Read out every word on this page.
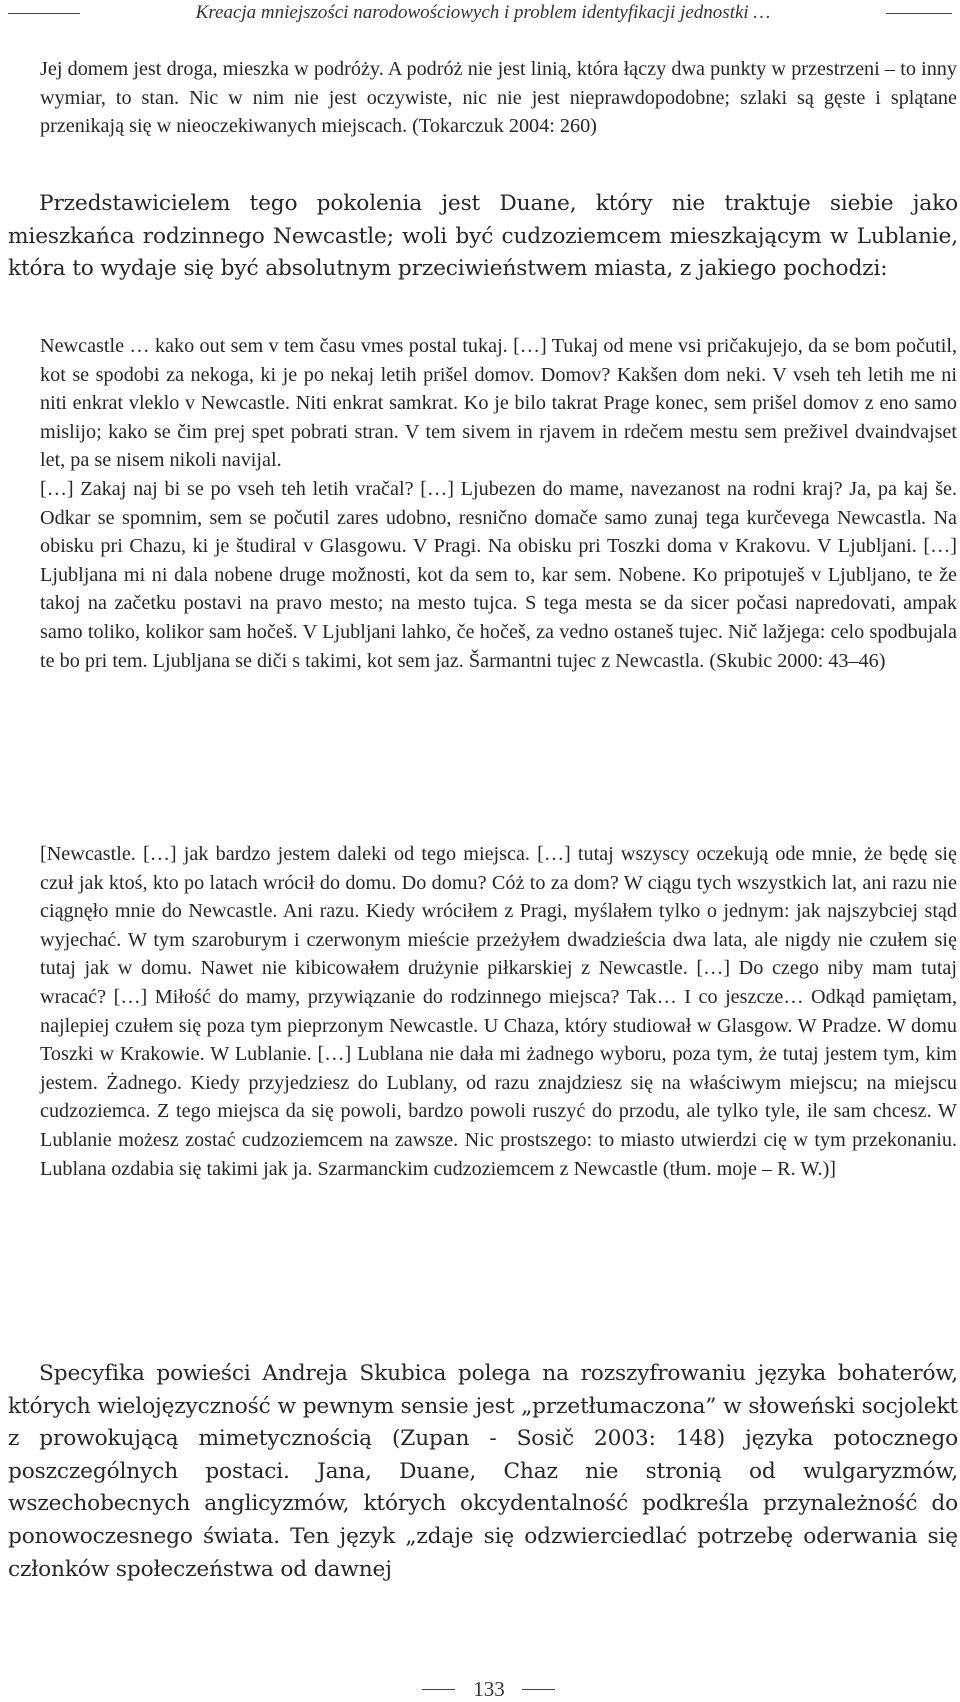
Kreacja mniejszości narodowościowych i problem identyfikacji jednostki …

Jej domem jest droga, mieszka w podróży. A podróż nie jest linią, która łączy dwa punkty w przestrzeni – to inny wymiar, to stan. Nic w nim nie jest oczywiste, nic nie jest nieprawdopodobne; szlaki są gęste i splątane przenikają się w nieoczekiwanych miejscach. (Tokarczuk 2004: 260)

Przedstawicielem tego pokolenia jest Duane, który nie traktuje siebie jako mieszkańca rodzinnego Newcastle; woli być cudzoziemcem mieszkającym w Lublanie, która to wydaje się być absolutnym przeciwieństwem miasta, z jakiego pochodzi:

Newcastle … kako out sem v tem času vmes postal tukaj. […] Tukaj od mene vsi pričakujejo, da se bom počutil, kot se spodobi za nekoga, ki je po nekaj letih prišel domov. Domov? Kakšen dom neki. V vseh teh letih me ni niti enkrat vleklo v Newcastle. Niti enkrat samkrat. Ko je bilo takrat Prage konec, sem prišel domov z eno samo mislijo; kako se čim prej spet pobrati stran. V tem sivem in rjavem in rdečem mestu sem preživel dvaindvajset let, pa se nisem nikoli navijal.

[…] Zakaj naj bi se po vseh teh letih vračal? […] Ljubezen do mame, navezanost na rodni kraj? Ja, pa kaj še. Odkar se spomnim, sem se počutil zares udobno, resnično domače samo zunaj tega kurčevega Newcastla. Na obisku pri Chazu, ki je študiral v Glasgowu. V Pragi. Na obisku pri Toszki doma v Krakovu. V Ljubljani. […] Ljubljana mi ni dala nobene druge možnosti, kot da sem to, kar sem. Nobene. Ko pripotuješ v Ljubljano, te že takoj na začetku postavi na pravo mesto; na mesto tujca. S tega mesta se da sicer počasi napredovati, ampak samo toliko, kolikor sam hočeš. V Ljubljani lahko, če hočeš, za vedno ostaneš tujec. Nič lažjega: celo spodbujala te bo pri tem. Ljubljana se diči s takimi, kot sem jaz. Šarmantni tujec z Newcastla. (Skubic 2000: 43–46)

[Newcastle. […] jak bardzo jestem daleki od tego miejsca. […] tutaj wszyscy oczekują ode mnie, że będę się czuł jak ktoś, kto po latach wrócił do domu. Do domu? Cóż to za dom? W ciągu tych wszystkich lat, ani razu nie ciągnęło mnie do Newcastle. Ani razu. Kiedy wróciłem z Pragi, myślałem tylko o jednym: jak najszybciej stąd wyjechać. W tym szaroburym i czerwonym mieście przeżyłem dwadzieścia dwa lata, ale nigdy nie czułem się tutaj jak w domu. Nawet nie kibicowałem drużynie piłkarskiej z Newcastle. […] Do czego niby mam tutaj wracać? […] Miłość do mamy, przywiązanie do rodzinnego miejsca? Tak… I co jeszcze… Odkąd pamiętam, najlepiej czułem się poza tym pieprzonym Newcastle. U Chaza, który studiował w Glasgow. W Pradze. W domu Toszki w Krakowie. W Lublanie. […] Lublana nie dała mi żadnego wyboru, poza tym, że tutaj jestem tym, kim jestem. Żadnego. Kiedy przyjedziesz do Lublany, od razu znajdziesz się na właściwym miejscu; na miejscu cudzoziemca. Z tego miejsca da się powoli, bardzo powoli ruszyć do przodu, ale tylko tyle, ile sam chcesz. W Lublanie możesz zostać cudzoziemcem na zawsze. Nic prostszego: to miasto utwierdzi cię w tym przekonaniu. Lublana ozdabia się takimi jak ja. Szarmanckim cudzoziemcem z Newcastle (tłum. moje – R. W.)]

Specyfika powieści Andreja Skubica polega na rozszyfrowaniu języka bohaterów, których wielojęzyczność w pewnym sensie jest „przetłumaczona” w słoweński socjolekt z prowokującą mimetycznością (Zupan - Sosič 2003: 148) języka potocznego poszczególnych postaci. Jana, Duane, Chaz nie stronią od wulgaryzmów, wszechobecnych anglicyzmów, których okcydentalność podkreśla przynależność do ponowoczesnego świata. Ten język „zdaje się odzwierciedlać potrzebę oderwania się członków społeczeństwa od dawnej

133
